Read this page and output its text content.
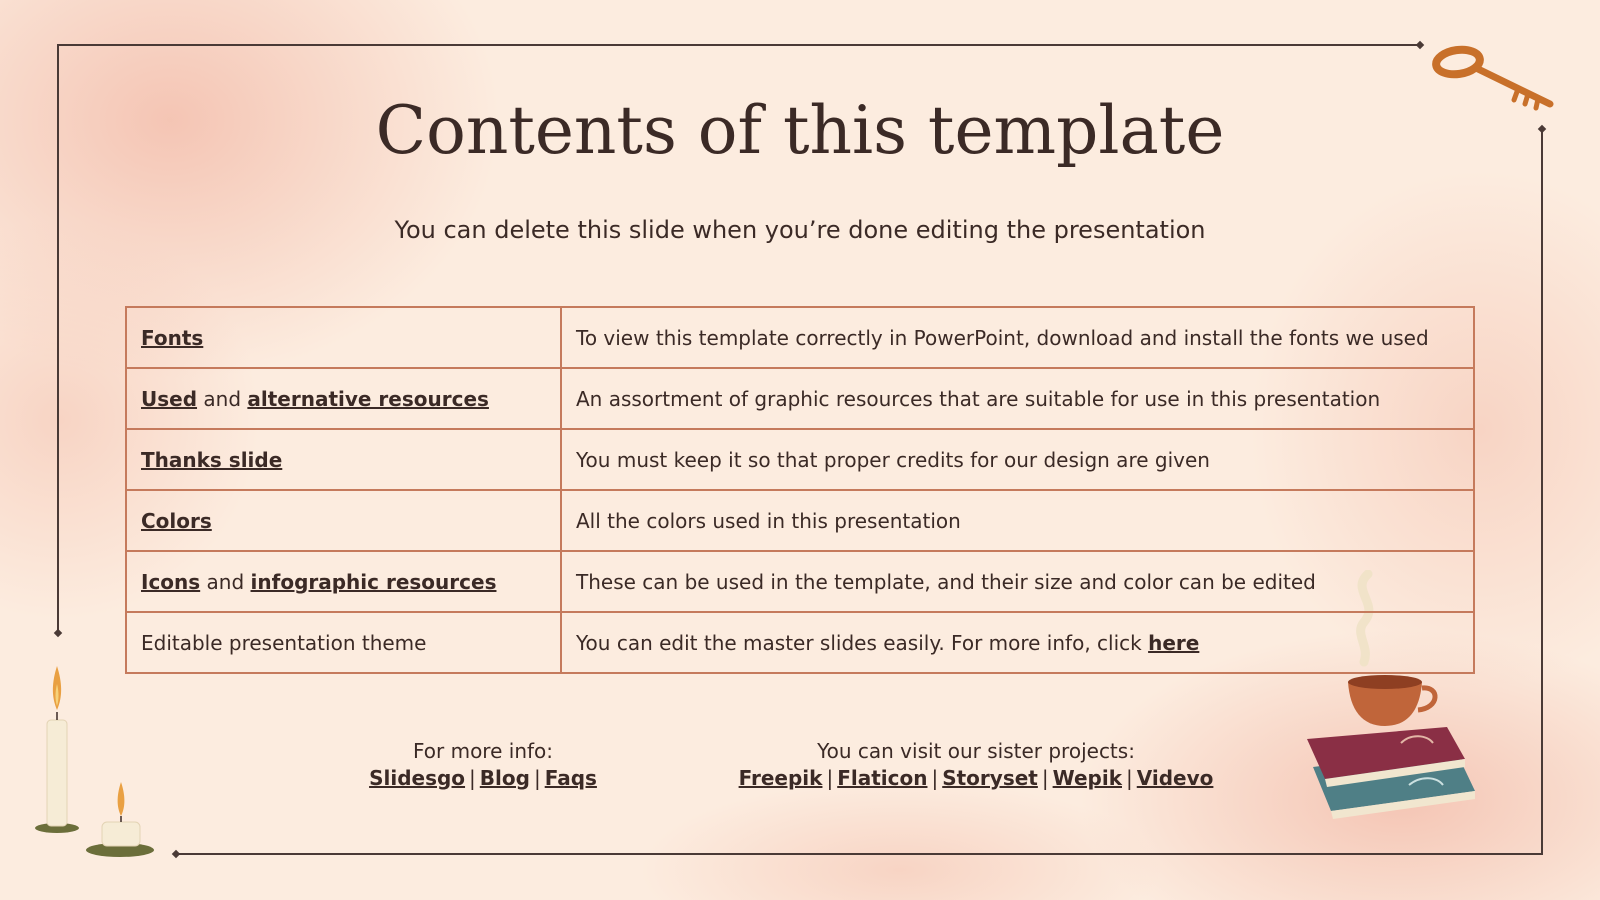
Contents of this template

You can delete this slide when you’re done editing the presentation

Fonts	To view this template correctly in PowerPoint, download and install the fonts we used
Used and alternative resources	An assortment of graphic resources that are suitable for use in this presentation
Thanks slide	You must keep it so that proper credits for our design are given
Colors	All the colors used in this presentation
Icons and infographic resources	These can be used in the template, and their size and color can be edited
Editable presentation theme	You can edit the master slides easily. For more info, click here
For more info:
Slidesgo | Blog | Faqs
You can visit our sister projects:
Freepik | Flaticon | Storyset | Wepik | Videvo
